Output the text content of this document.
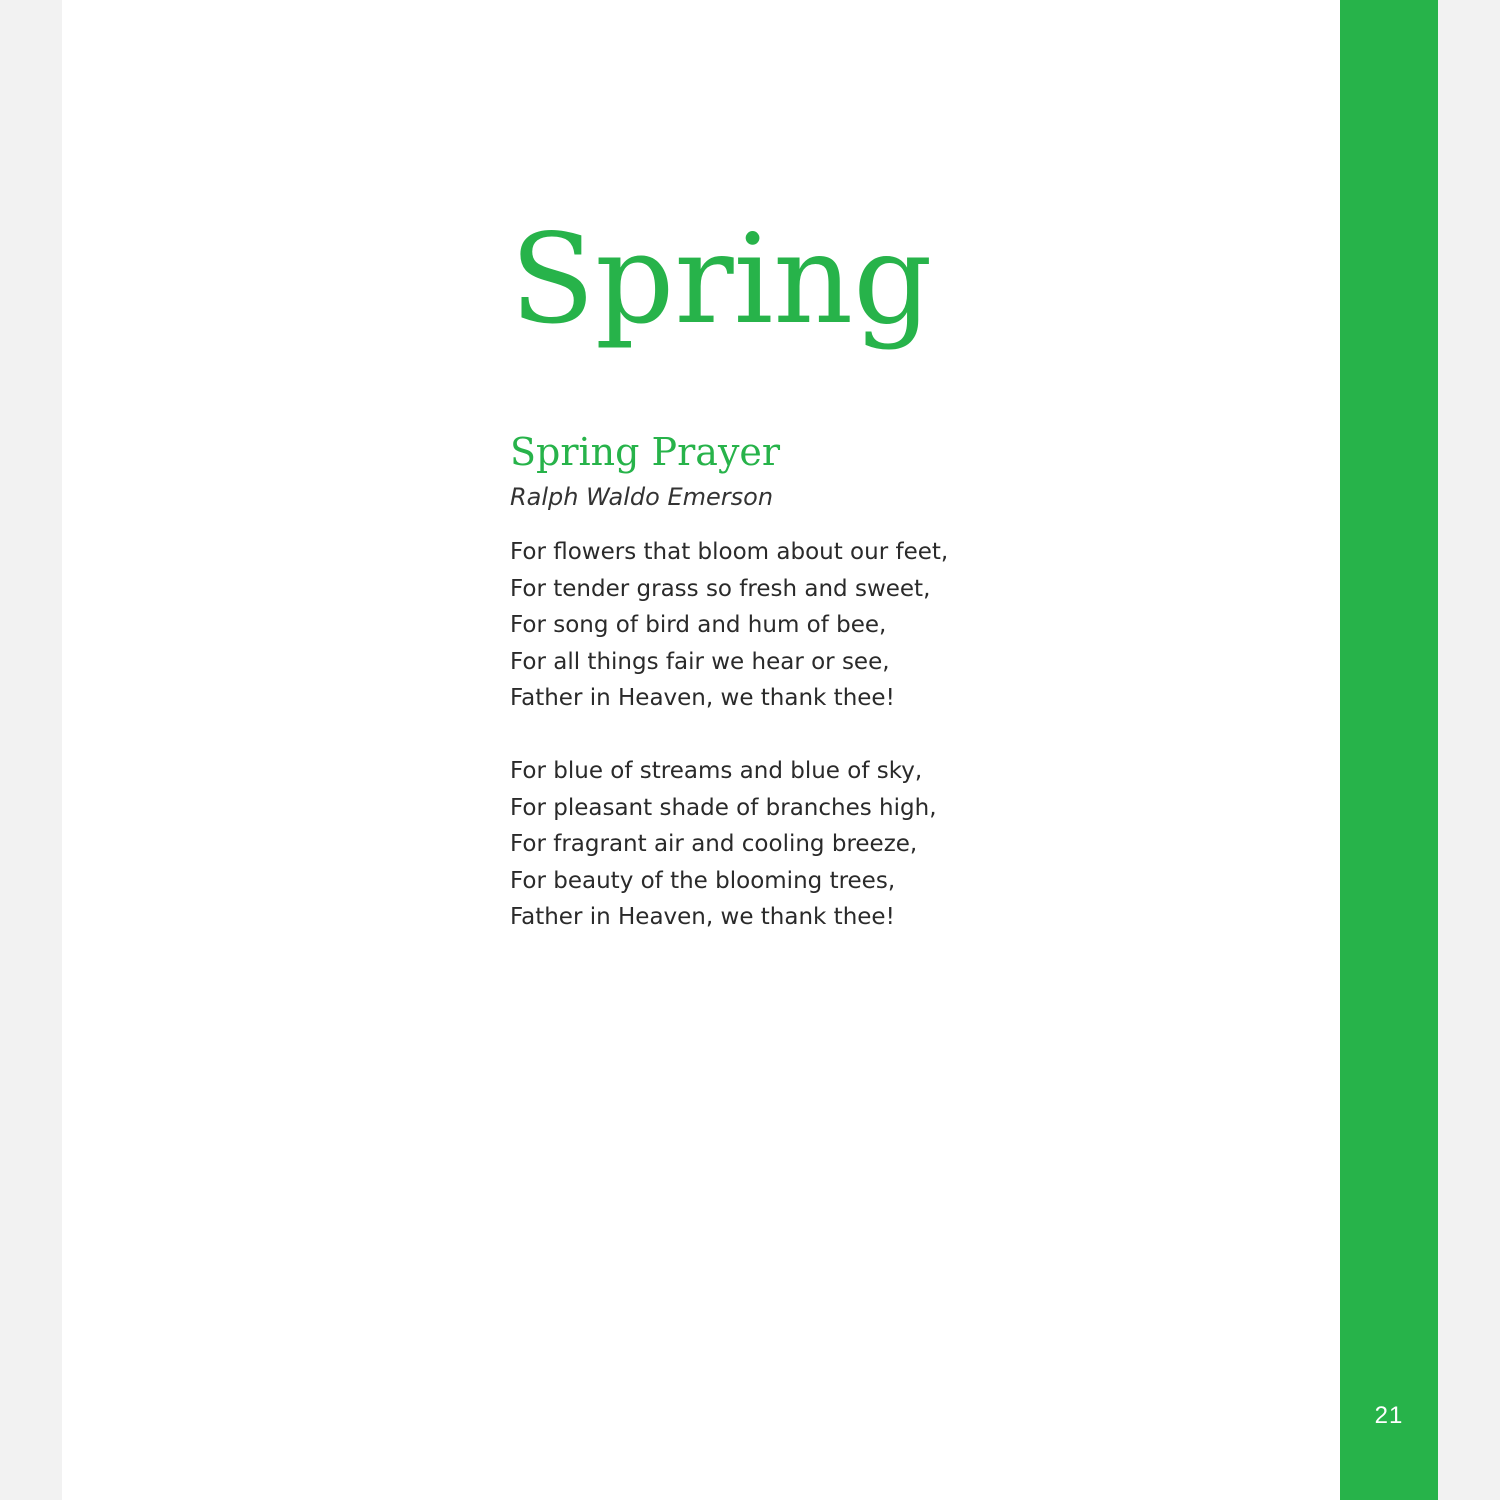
Spring
Spring Prayer

Ralph Waldo Emerson

For flowers that bloom about our feet,
For tender grass so fresh and sweet,
For song of bird and hum of bee,
For all things fair we hear or see,
Father in Heaven, we thank thee!
For blue of streams and blue of sky,
For pleasant shade of branches high,
For fragrant air and cooling breeze,
For beauty of the blooming trees,
Father in Heaven, we thank thee!
21
